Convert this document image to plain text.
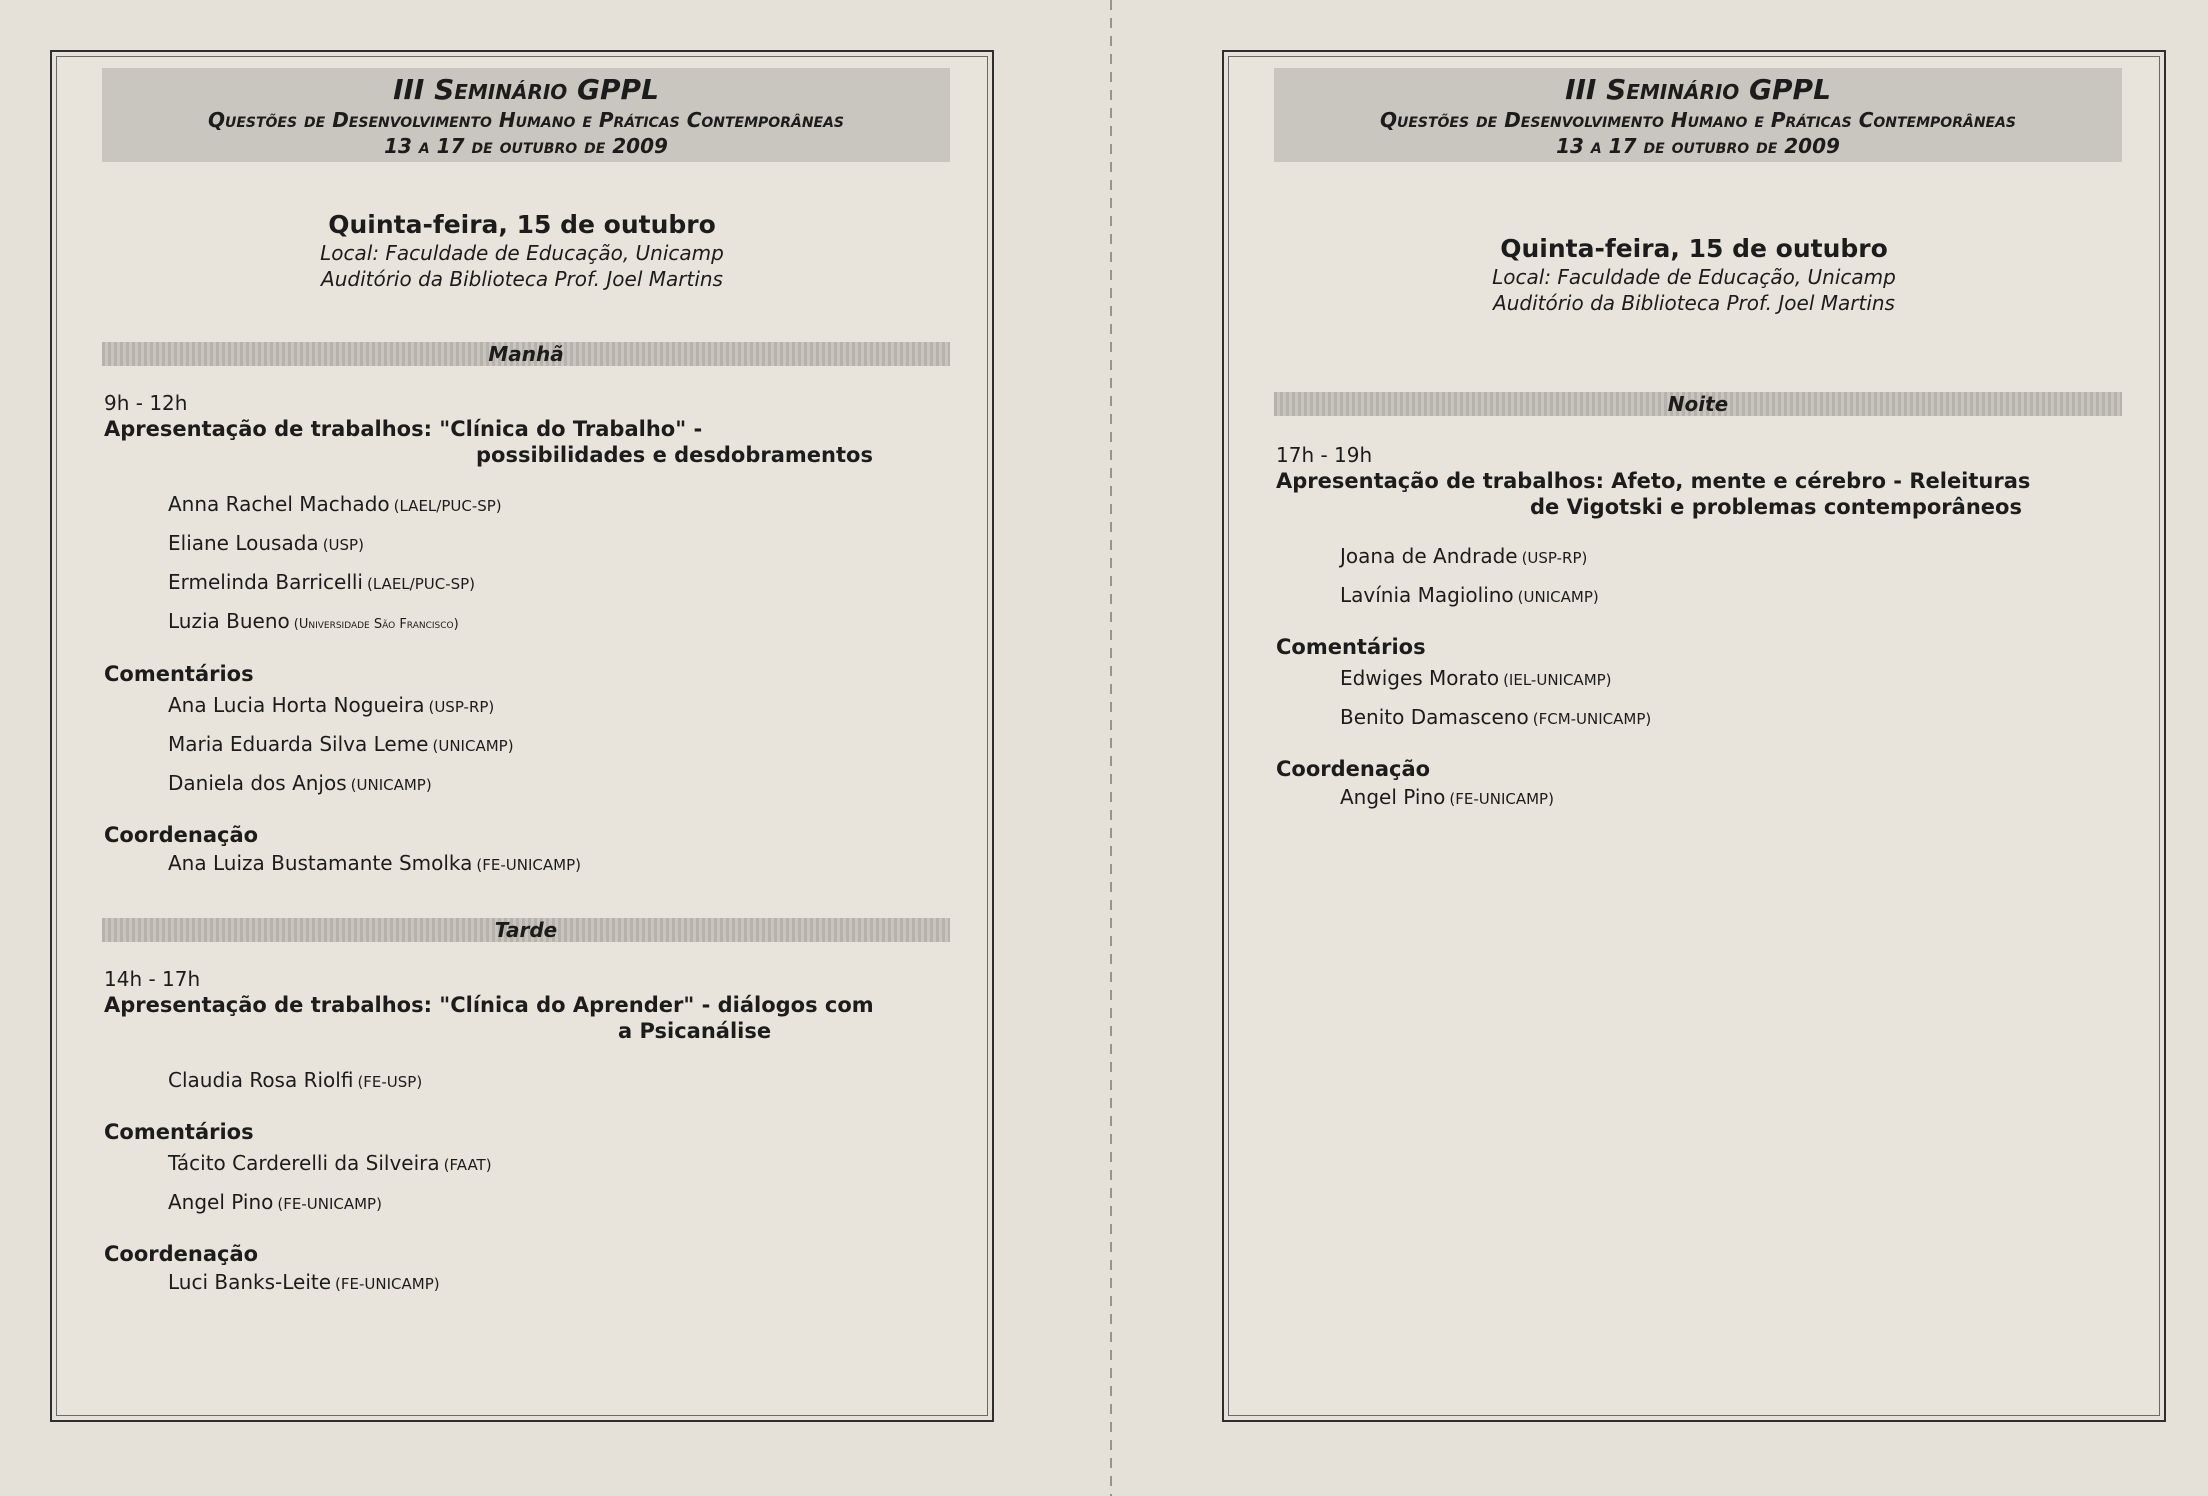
III Seminário GPPL
Questões de Desenvolvimento Humano e Práticas Contemporâneas
13 a 17 de outubro de 2009
Quinta-feira, 15 de outubro
Local: Faculdade de Educação, Unicamp
Auditório da Biblioteca Prof. Joel Martins
Manhã
9h - 12h
Apresentação de trabalhos: "Clínica do Trabalho" -
possibilidades e desdobramentos
Anna Rachel Machado (LAEL/PUC-SP)
Eliane Lousada (USP)
Ermelinda Barricelli (LAEL/PUC-SP)
Luzia Bueno (Universidade São Francisco)
Comentários
Ana Lucia Horta Nogueira (USP-RP)
Maria Eduarda Silva Leme (UNICAMP)
Daniela dos Anjos (UNICAMP)
Coordenação
Ana Luiza Bustamante Smolka (FE-UNICAMP)
Tarde
14h - 17h
Apresentação de trabalhos: "Clínica do Aprender" - diálogos com
a Psicanálise
Claudia Rosa Riolfi (FE-USP)
Comentários
Tácito Carderelli da Silveira (FAAT)
Angel Pino (FE-UNICAMP)
Coordenação
Luci Banks-Leite (FE-UNICAMP)
III Seminário GPPL
Questões de Desenvolvimento Humano e Práticas Contemporâneas
13 a 17 de outubro de 2009
Quinta-feira, 15 de outubro
Local: Faculdade de Educação, Unicamp
Auditório da Biblioteca Prof. Joel Martins
Noite
17h - 19h
Apresentação de trabalhos: Afeto, mente e cérebro - Releituras
de Vigotski e problemas contemporâneos
Joana de Andrade (USP-RP)
Lavínia Magiolino (UNICAMP)
Comentários
Edwiges Morato (IEL-UNICAMP)
Benito Damasceno (FCM-UNICAMP)
Coordenação
Angel Pino (FE-UNICAMP)
